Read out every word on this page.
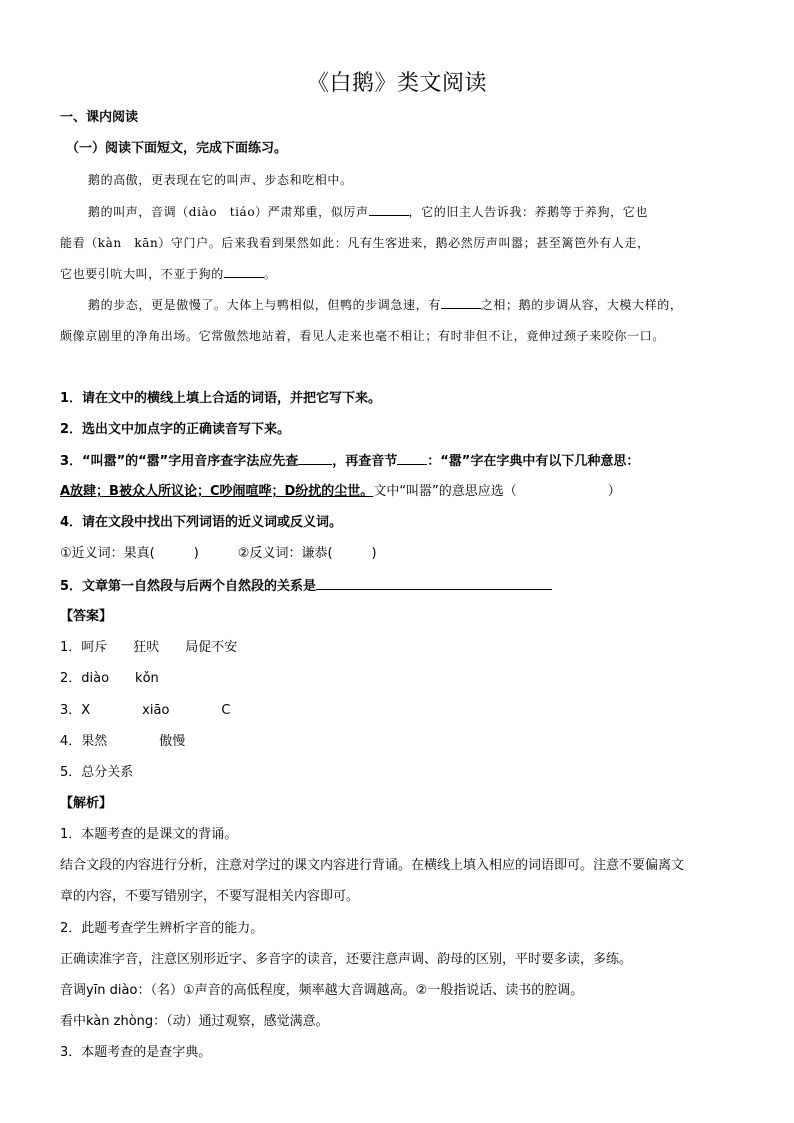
《白鹅》类文阅读
一、课内阅读
（一）阅读下面短文，完成下面练习。
鹅的高傲，更表现在它的叫声、步态和吃相中。
鹅的叫声，音调（diào　tiáo）严肃郑重，似厉声	，它的旧主人告诉我：养鹅等于养狗，它也
能看（kàn　kān）守门户。后来我看到果然如此：凡有生客进来，鹅必然厉声叫嚣；甚至篱笆外有人走，
它也要引吭大叫，不亚于狗的	。
鹅的步态，更是傲慢了。大体上与鸭相似，但鸭的步调急速，有	之相；鹅的步调从容，大模大样的，
颇像京剧里的净角出场。它常傲然地站着，看见人走来也毫不相让；有时非但不让，竟伸过颈子来咬你一口。
1．请在文中的横线上填上合适的词语，并把它写下来。
2．选出文中加点字的正确读音写下来。
3．“叫嚣”的“嚣”字用音序查字法应先查	，再查音节 ：“嚣”字在字典中有以下几种意思：
A放肆；B被众人所议论；C吵闹喧哗；D纷扰的尘世。文中“叫嚣”的意思应选（　　　　　　　）
4．请在文段中找出下列词语的近义词或反义词。
①近义词：果真(　　　)　　　②反义词：谦恭(　　　)
5．文章第一自然段与后两个自然段的关系是
【答案】
1．呵斥　　狂吠　　局促不安
2．diào　　kǒn
3．X　　　　xiāo　　　　C
4．果然　　　　傲慢
5．总分关系
【解析】
1．本题考查的是课文的背诵。
结合文段的内容进行分析，注意对学过的课文内容进行背诵。在横线上填入相应的词语即可。注意不要偏离文
章的内容，不要写错别字，不要写混相关内容即可。
2．此题考查学生辨析字音的能力。
正确读准字音，注意区别形近字、多音字的读音，还要注意声调、韵母的区别，平时要多读，多练。
音调yīn diào：（名）①声音的高低程度，频率越大音调越高。②一般指说话、读书的腔调。
看中kàn zhòng：（动）通过观察，感觉满意。
3．本题考查的是查字典。
